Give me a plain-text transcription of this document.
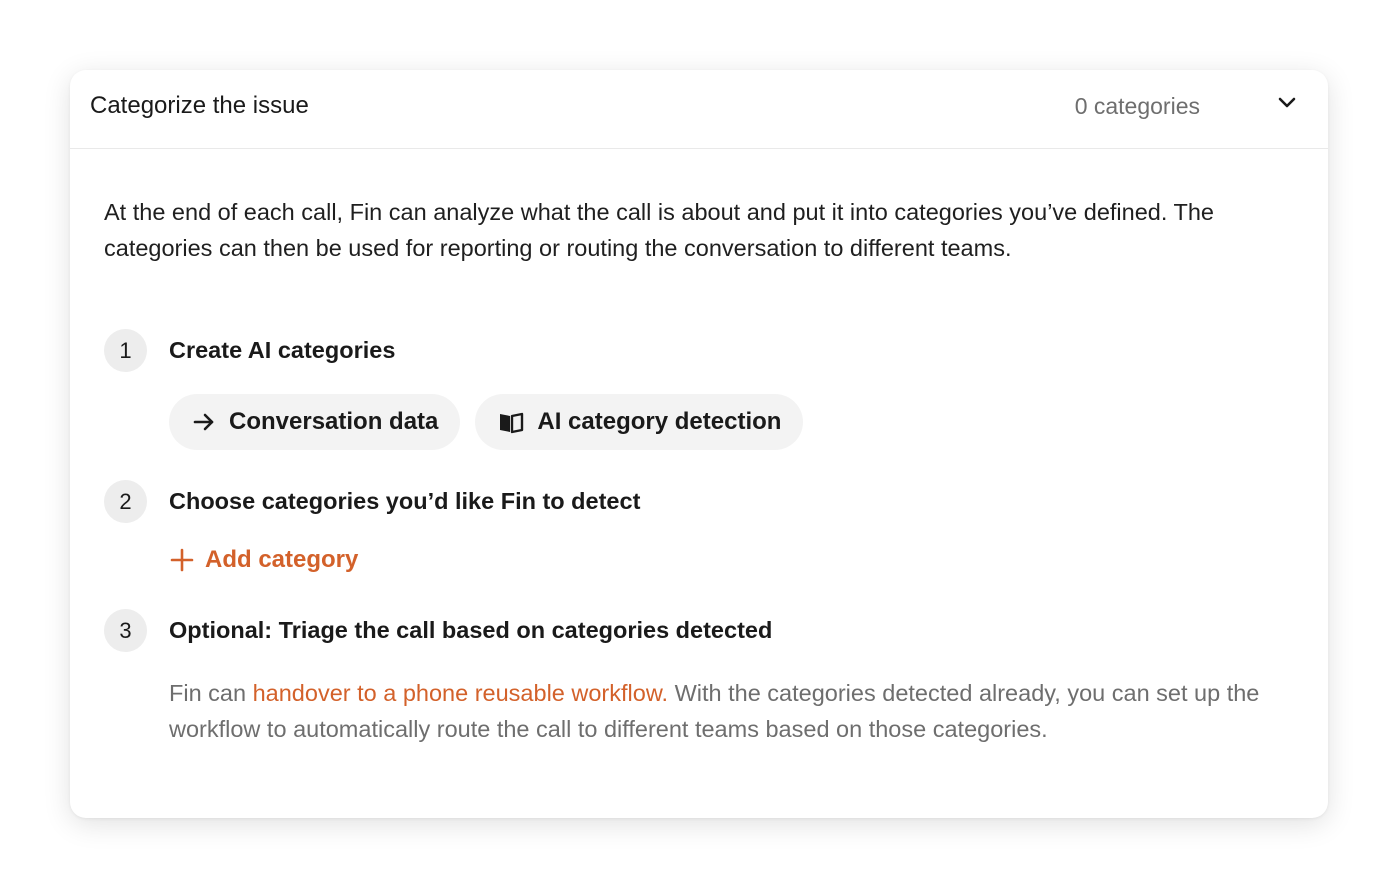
Categorize the issue	0 categories

At the end of each call, Fin can analyze what the call is about and put it into categories you’ve defined. The categories can then be used for reporting or routing the conversation to different teams.

1	Create AI categories
Conversation data	AI category detection
2	Choose categories you’d like Fin to detect
Add category
3	Optional: Triage the call based on categories detected

Fin can handover to a phone reusable workflow. With the categories detected already, you can set up the workflow to automatically route the call to different teams based on those categories.
